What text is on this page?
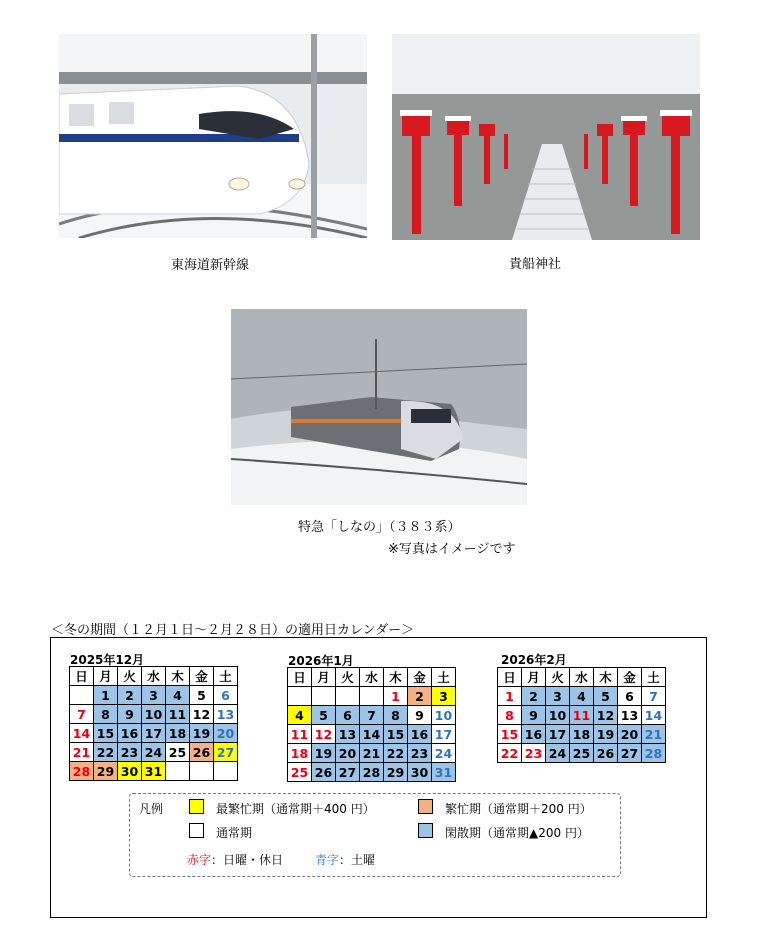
東海道新幹線	貴船神社
特急「しなの」（３８３系）
※写真はイメージです
＜冬の期間（１２月１日～２月２８日）の適用日カレンダー＞
2025年12月
日	月	火	水	木	金	土
	1	2	3	4	5	6
7	8	9	10	11	12	13
14	15	16	17	18	19	20
21	22	23	24	25	26	27
28	29	30	31			
2026年1月
日	月	火	水	木	金	土
				1	2	3
4	5	6	7	8	9	10
11	12	13	14	15	16	17
18	19	20	21	22	23	24
25	26	27	28	29	30	31
2026年2月
日	月	火	水	木	金	土
1	2	3	4	5	6	7
8	9	10	11	12	13	14
15	16	17	18	19	20	21
22	23	24	25	26	27	28
凡例	最繁忙期（通常期＋400 円）	繁忙期（通常期＋200 円）
通常期	閑散期（通常期▲200 円）
赤字：日曜・休日	青字：土曜
